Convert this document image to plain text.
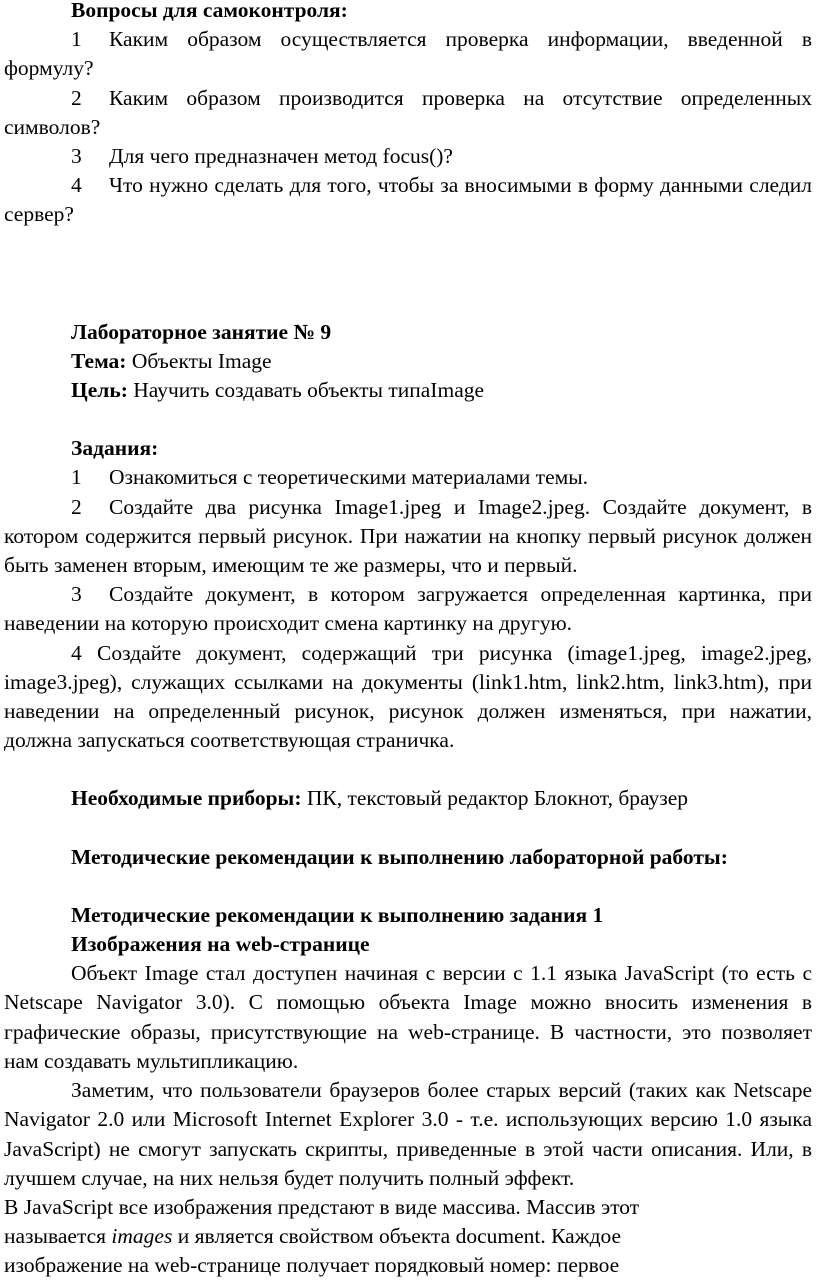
Вопросы для самоконтроля:

1 Каким образом осуществляется проверка информации, введенной в формулу?

2 Каким образом производится проверка на отсутствие определенных символов?

3 Для чего предназначен метод focus()?

4 Что нужно сделать для того, чтобы за вносимыми в форму данными следил сервер?

Лабораторное занятие № 9

Тема: Объекты Image

Цель: Научить создавать объекты типаImage

Задания:

1 Ознакомиться с теоретическими материалами темы.

2 Создайте два рисунка Image1.jpeg и Image2.jpeg. Создайте документ, в котором содержится первый рисунок. При нажатии на кнопку первый рисунок должен быть заменен вторым, имеющим те же размеры, что и первый.

3 Создайте документ, в котором загружается определенная картинка, при наведении на которую происходит смена картинку на другую.

4 Создайте документ, содержащий три рисунка (image1.jpeg, image2.jpeg, image3.jpeg), служащих ссылками на документы (link1.htm, link2.htm, link3.htm), при наведении на определенный рисунок, рисунок должен изменяться, при нажатии, должна запускаться соответствующая страничка.

Необходимые приборы: ПК, текстовый редактор Блокнот, браузер

Методические рекомендации к выполнению лабораторной работы:

Методические рекомендации к выполнению задания 1

Изображения на web-странице

Объект Image стал доступен начиная с версии с 1.1 языка JavaScript (то есть с Netscape Navigator 3.0). С помощью объекта Image можно вносить изменения в графические образы, присутствующие на web-странице. В частности, это позволяет нам создавать мультипликацию.

Заметим, что пользователи браузеров более старых версий (таких как Netscape Navigator 2.0 или Microsoft Internet Explorer 3.0 - т.е. использующих версию 1.0 языка JavaScript) не смогут запускать скрипты, приведенные в этой части описания. Или, в лучшем случае, на них нельзя будет получить полный эффект.

В JavaScript все изображения предстают в виде массива. Массив этот
называется images и является свойством объекта document. Каждое
изображение на web-странице получает порядковый номер: первое
